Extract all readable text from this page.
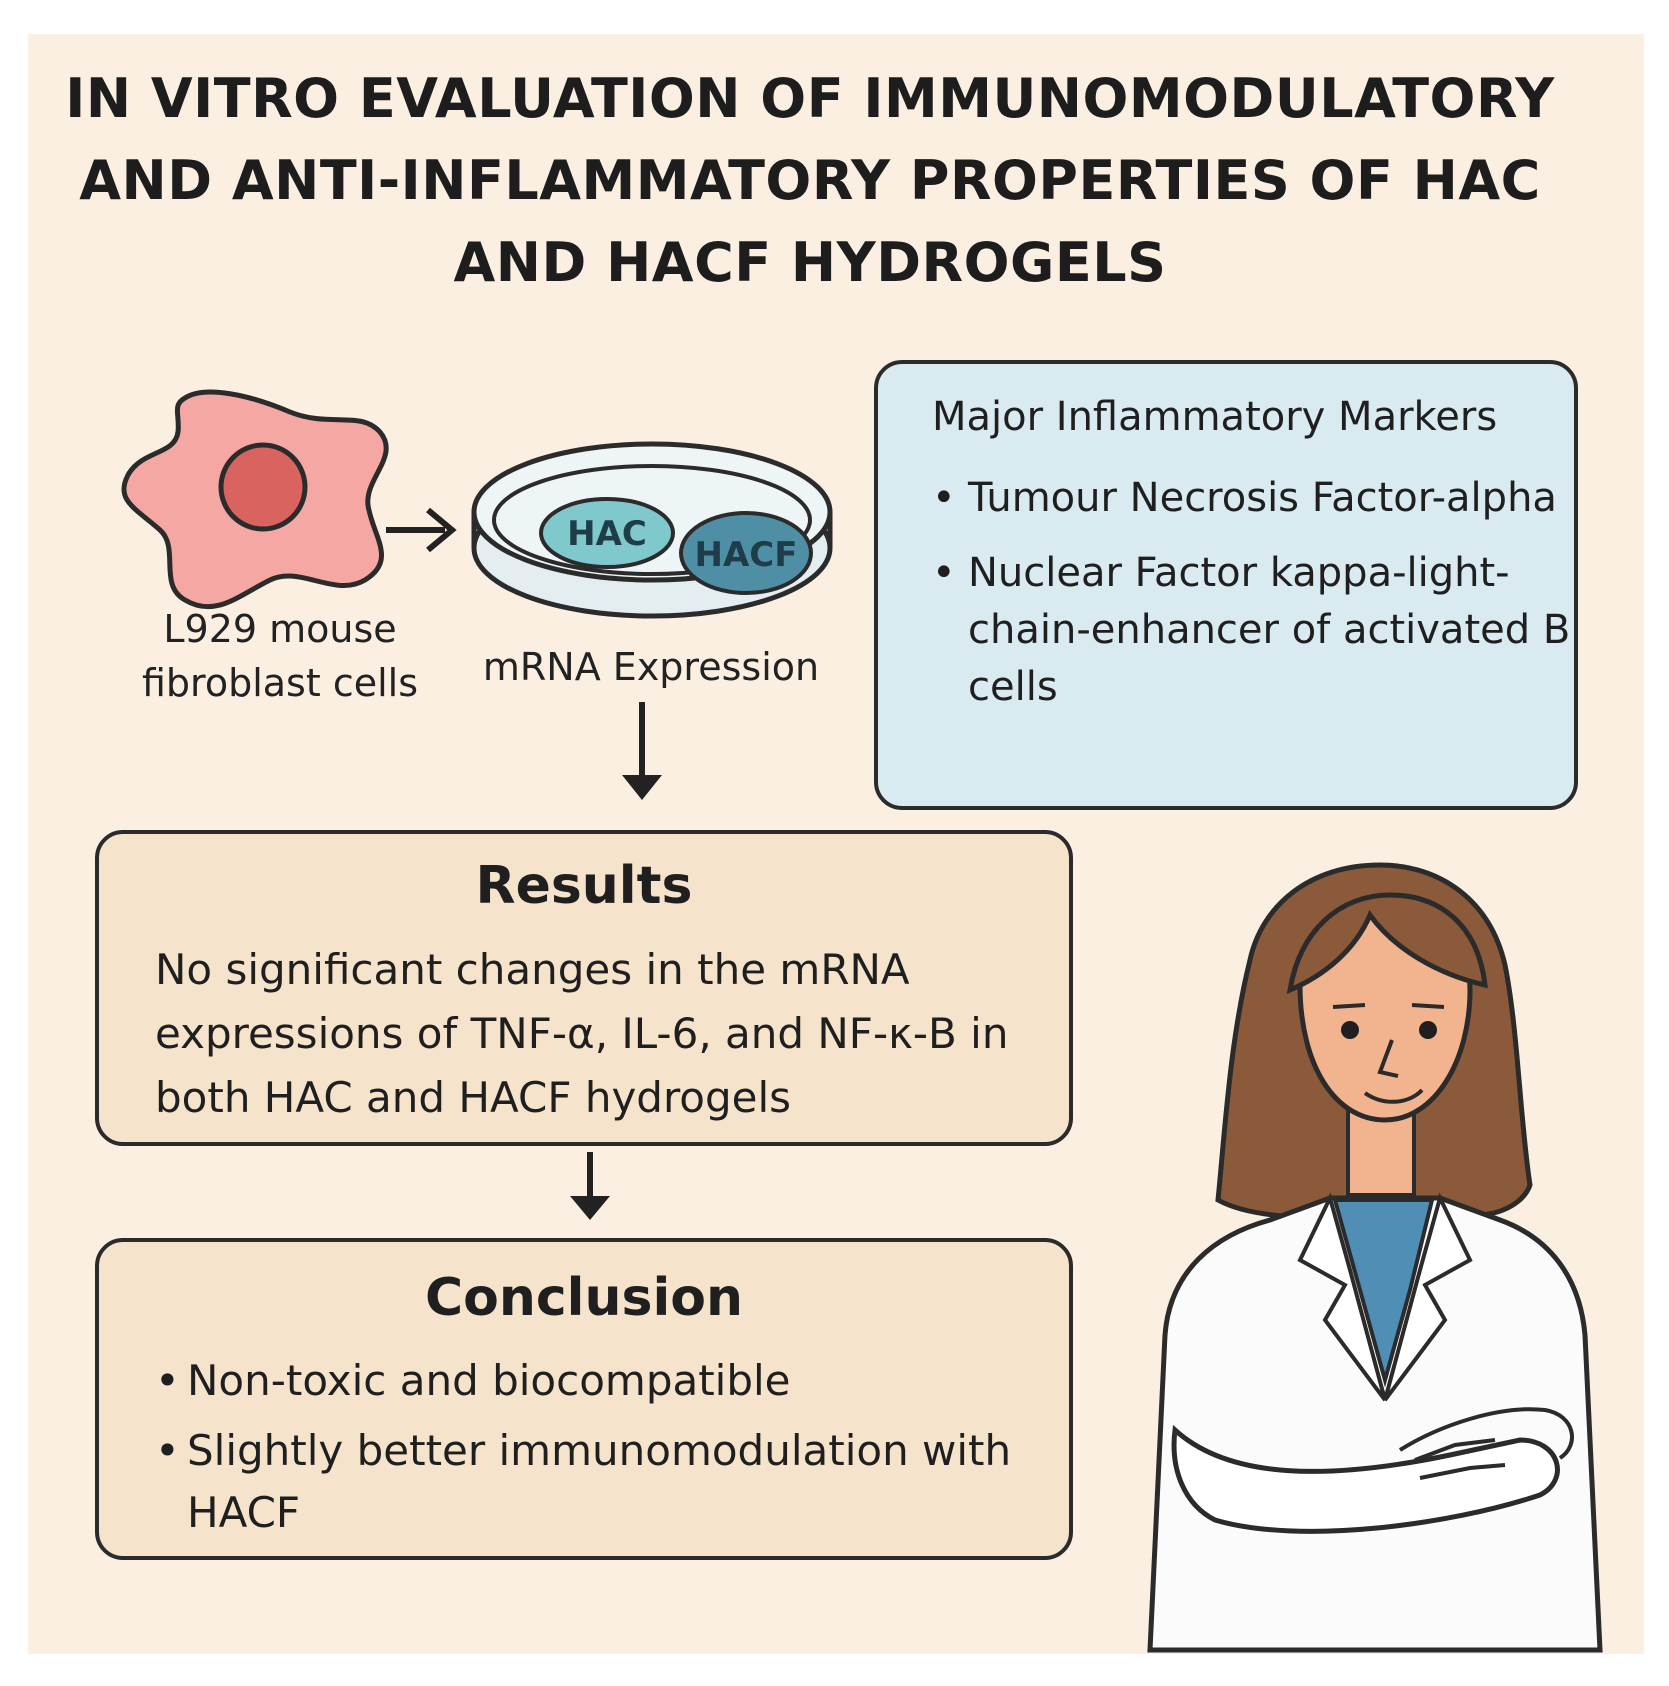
IN VITRO EVALUATION OF IMMUNOMODULATORY AND ANTI-INFLAMMATORY PROPERTIES OF HAC AND HACF HYDROGELS
HAC
HACF
L929 mouse fibroblast cells	mRNA Expression
Major Inflammatory Markers
• Tumour Necrosis Factor-alpha
• Nuclear Factor kappa-light-chain-enhancer of activated B cells
Results

No significant changes in the mRNA expressions of TNF-α, IL-6, and NF-κ-B in both HAC and HACF hydrogels

Conclusion
• Non-toxic and biocompatible
• Slightly better immunomodulation with HACF
